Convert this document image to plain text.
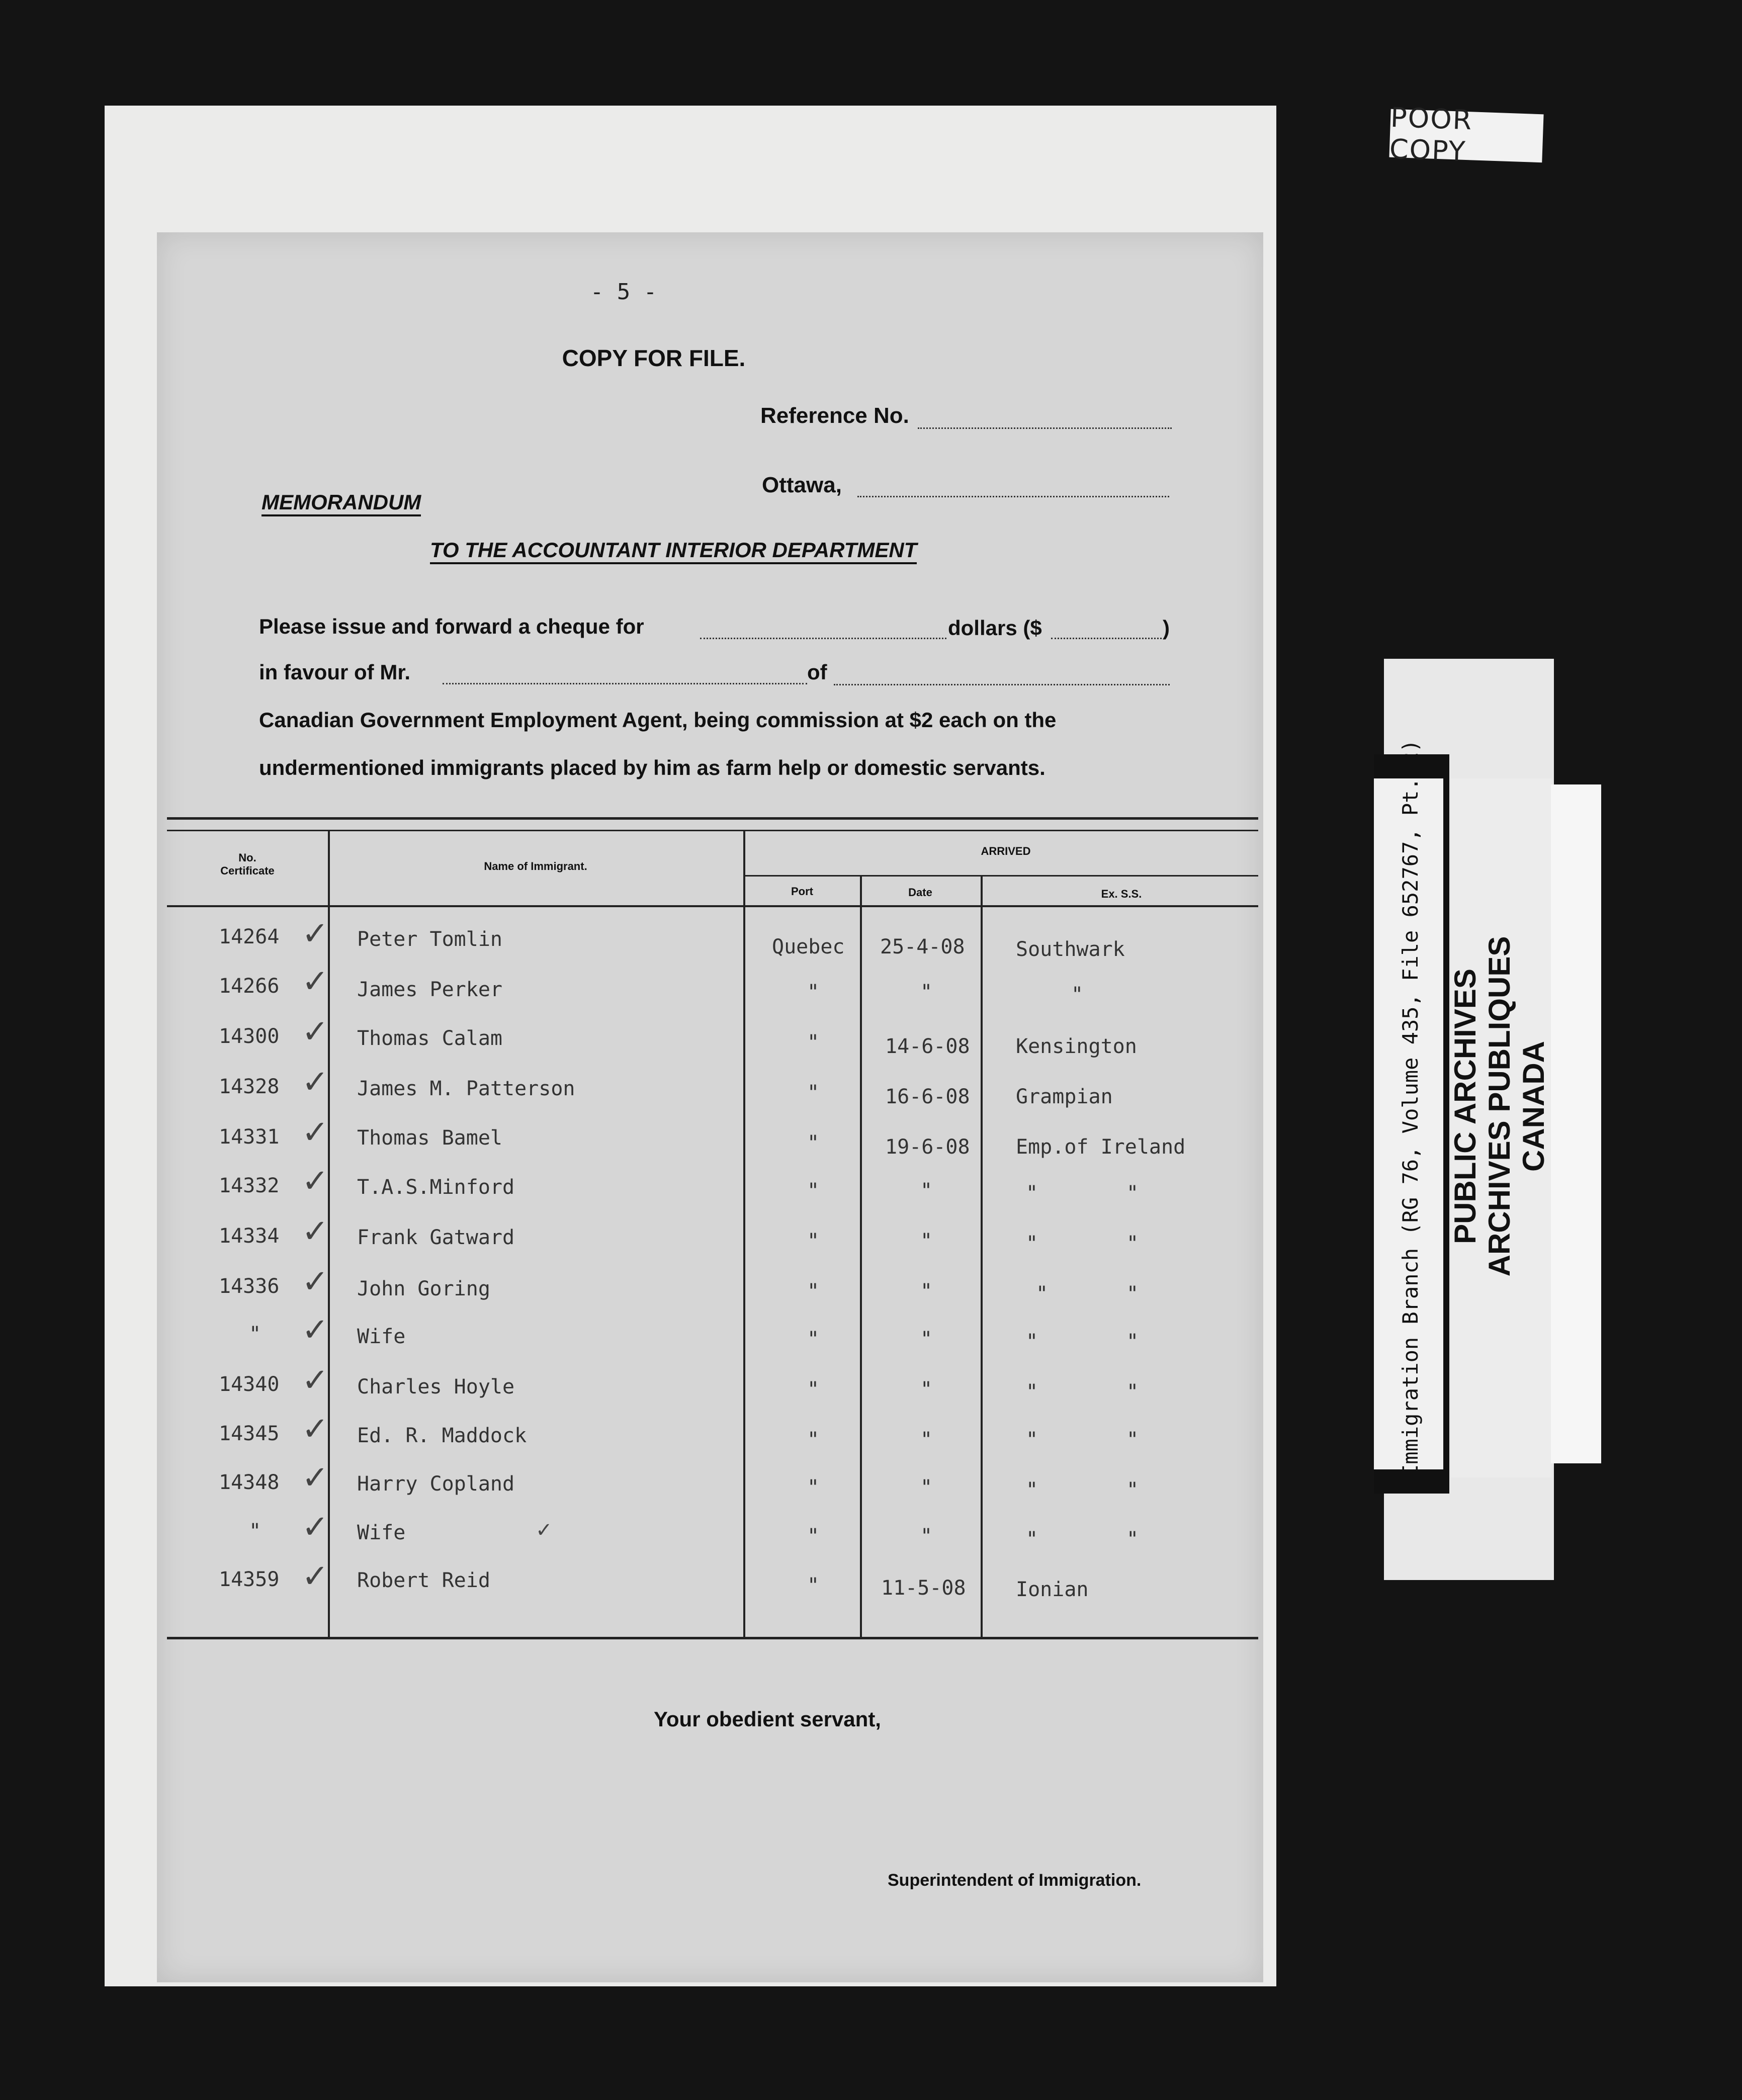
POOR COPY
Immigration Branch (RG 76, Volume 435, File 652767, Pt. 2) PUBLIC ARCHIVES ARCHIVES PUBLIQUES CANADA
- 5 -
COPY FOR FILE.
Reference No.
Ottawa,
MEMORANDUM
TO THE ACCOUNTANT INTERIOR DEPARTMENT
Please issue and forward a cheque for	dollars ($	)
in favour of Mr.	of
Canadian Government Employment Agent, being commission at $2 each on the
undermentioned immigrants placed by him as farm help or domestic servants.
No.
Certificate	Name of Immigrant.
ARRIVED
Port	Date	Ex. S.S.
14264 ✓ Peter Tomlin	Quebec 25-4-08	Southwark
14266 ✓ James Perker	"	"	"
14300 ✓ Thomas Calam	"	14-6-08 Kensington
14328 ✓ James M. Patterson	"	16-6-08 Grampian
14331 ✓ Thomas Bamel	"	19-6-08 Emp.of Ireland
14332 ✓ T.A.S.Minford	"	"	"	"
14334 ✓ Frank Gatward	"	"	"	"
14336 ✓ John Goring	"	"	"	"
" ✓ Wife	"	"	"	"
14340 ✓ Charles Hoyle	"	"	"	"
14345 ✓ Ed. R. Maddock	"	"	"	"
14348 ✓ Harry Copland	"	"	"	"
" ✓ Wife	✓	"	"	"	"
14359 ✓ Robert Reid	"	11-5-08 Ionian
Your obedient servant,
Superintendent of Immigration.
